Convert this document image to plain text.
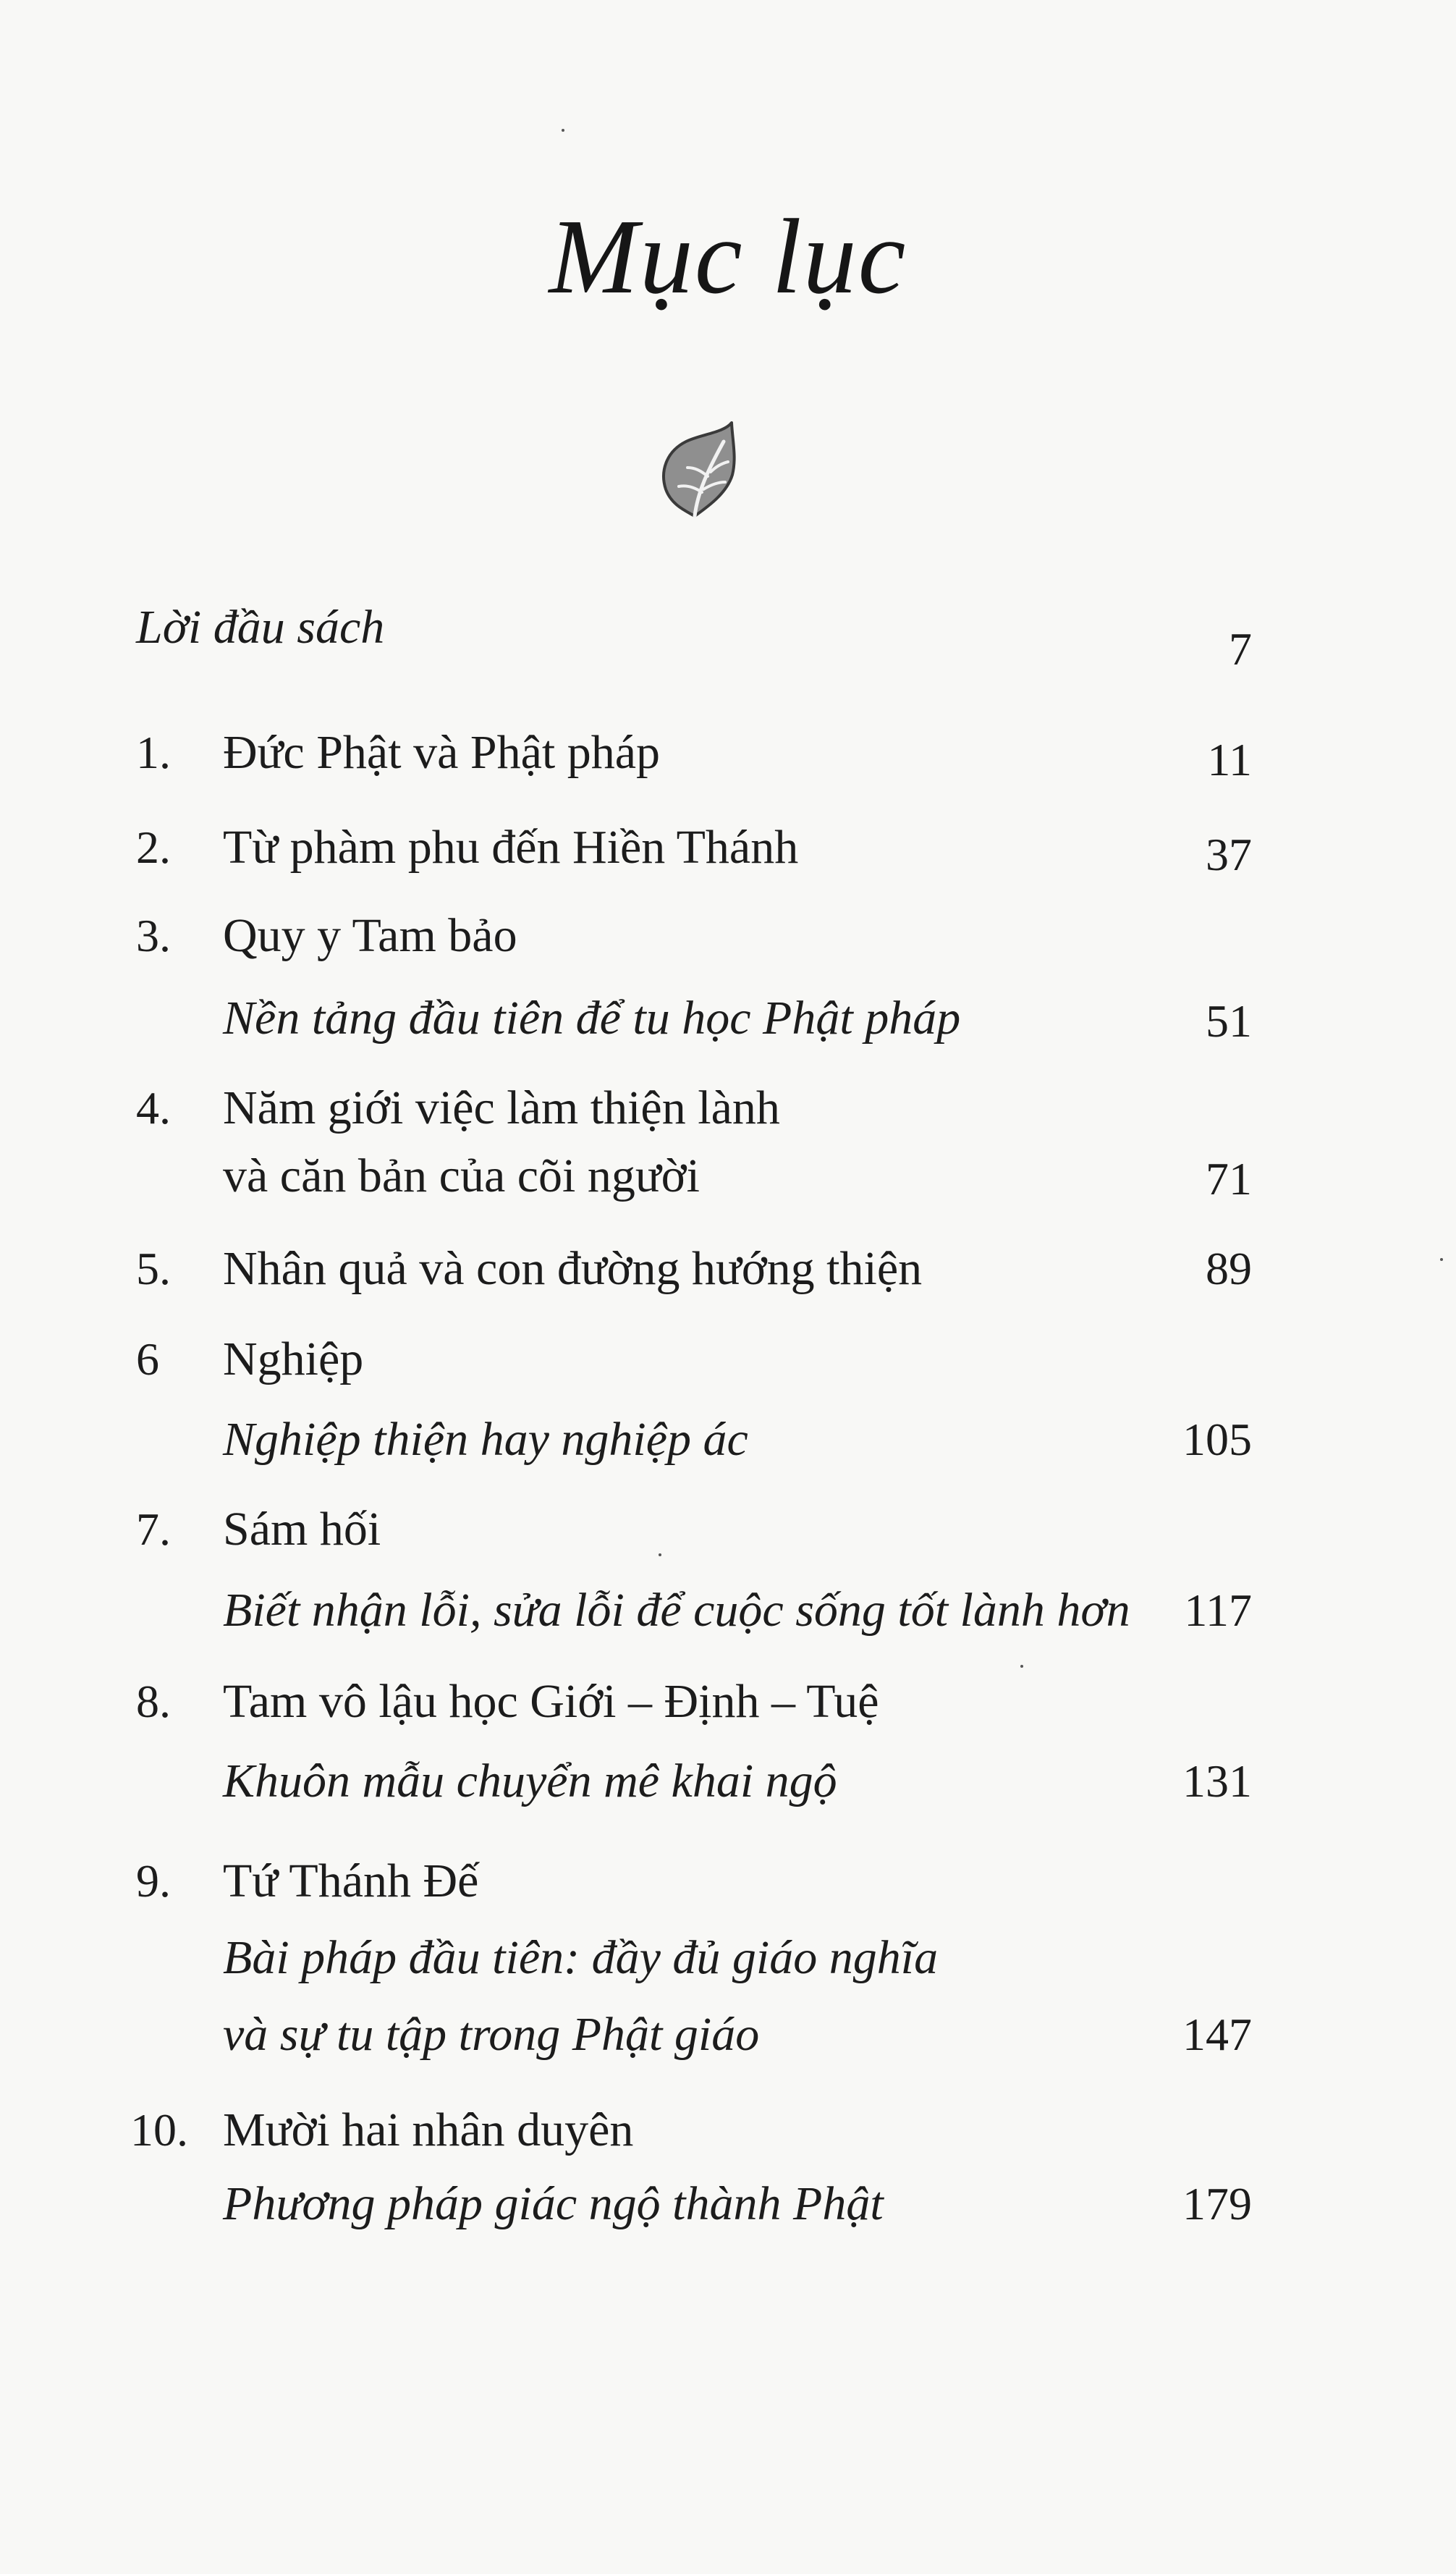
Mục lục
Lời đầu sách	7
1. Đức Phật và Phật pháp	11
2. Từ phàm phu đến Hiền Thánh	37
3. Quy y Tam bảo
Nền tảng đầu tiên để tu học Phật pháp	51
4. Năm giới việc làm thiện lành
và căn bản của cõi người	71
5. Nhân quả và con đường hướng thiện	89
6 Nghiệp
Nghiệp thiện hay nghiệp ác	105
7. Sám hối
Biết nhận lỗi, sửa lỗi để cuộc sống tốt lành hơn 117
8. Tam vô lậu học Giới – Định – Tuệ
Khuôn mẫu chuyển mê khai ngộ	131
9. Tứ Thánh Đế
Bài pháp đầu tiên: đầy đủ giáo nghĩa
và sự tu tập trong Phật giáo	147
10. Mười hai nhân duyên
Phương pháp giác ngộ thành Phật	179
